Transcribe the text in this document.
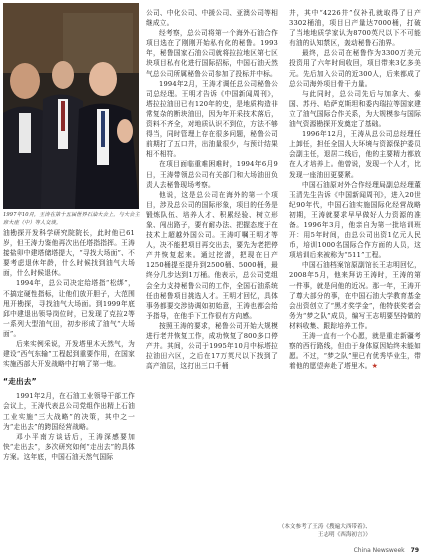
1997年10月，王涛在第十五届世界石油大会上，与大会主席大座（中）等人交谈。

油勘探开发科学研究院院长，此时他已61岁，但王涛力鉴他再次出任塔指指挥。王涛接盐卯中建塔储塔提大，“寻找大场面”、不要考虑退休年龄，什么时候找到油气大场面，什么时候退休。

1994年，总公司决定给塔指“松绑”，不搞定硬性指标，让他们放开胆子，大范围甩开勘探，寻找油气大场面。到1999年底邱中建退出领导岗位时，已发现了克拉2等一系列大型油气田，初步形成了油气“大场面”。

后来实例采说，开发塔里木天然气，为建设“西气东输”工程起到重要作用，在国家实施西部大开发战略中打响了第一炮。

“走出去”

1991年2月，在石油工业领导干部工作会议上，王涛代表总公司党组作出精上石油工业实施“三大战略”的决策，其中之一为“走出去”的跨国经营战略。

邓小平南方谈话后，王涛深感要加快“走出去”，多次研究如何“走出去”的具体方案。这年底，中国石油天然气国际

公司、中化公司、中援公司、亚澳公司等相继成立。

经考察，总公司将第一个海外石油合作项目选在了刚刚开始私有化的秘鲁。1993年，秘鲁国家石油公司就将拉拉地区第七区块项目私有化进行国际招标，中国石油天然气总公司所属秘鲁公司参加了投标并中标。

1994年2月，王涛才调任总公司秘鲁公司总经理。王明才告诉《中国新闻周刊》，塔拉拉油田已有120年的史，是地质构造非常复杂的断块油田，因为年开采技术落后，资料不齐全，对地质认识不到位，方法不够得当，同时管理上存在很多问题，秘鲁公司前期打了五口井，出油量很少，与预计结果相不相符。

在项目面临重难困难时，1994年6月9日，王涛带领总公司有关部门和大场油田负责人去秘鲁现场考察。

他说，这是总公司在海外的第一个项目，涉及总公司的国际形象，项目的任务是锻炼队伍、培养人才、积累经验、树立形象、闯出路子，要有耐办法、把握态度于在技术上超越外国公司。王涛叮嘱王明才等人，决不能把项目再交出去，要先为老把停产井恢复起来。通过挖潜，把现在日产1250桶提至提升到2500桶、5000桶，最终分几步达到1万桶。他表示，总公司党组会全力支持秘鲁公司的工作，全国石油系统任由秘鲁项目挑选人才。王明才回忆，具体事务都要交涉协调如初始意，王涛也都会给予指导，在他手下工作很有方向感。

按照王涛的要求，秘鲁公司开始大规模进行老井恢复工作，成功恢复了800多口停产井。其间，公司于1995年10月中标塔拉拉油田六区，之后在17万英尺以下找到了高产油层，这打出三口千桶

井，其中“4226井”仅补孔就取得了日产3302桶油，项目日产量达7000桶，打破了当地地质学家认为8700英尺以下不可能有油的认知禁区，轰动秘鲁石油界。

最终，总公司在秘鲁作为3300万美元投资用了六年时间收回，项目带来3亿多美元。先后加入公司的近300人，后来都成了总公司海外项目骨干力量。

与此同时，总公司先后与加拿大、泰国、苏丹、哈萨克斯坦和委内瑞拉等国家建立了油气国际合作关系，为大规模参与国际油气资源勘探开发奠定了基础。

1996年12月，王涛从总公司总经理任上卸任，担任全国人大环境与资源保护委员会副主任，退居二线后，他的主要精力都放在人才培养上。他曾说，发现一个人才，比发现一座油田更要紧。

中国石油原对外合作经理局副总经理董玉清先生告诉《中国新闻周刊》，进入20世纪90年代，中国石油实施国际化经营战略初期，王涛就要求早早做好人力资源的准备。1996年3月，他亲自为第一批培训班开：用5年时间，由总公司出资1亿元人民币，培训1000名国际合作方面的人员，这项培训后来被称为“511”工程。

中国石油档案馆原副馆长王志明回忆，2008年5月，他来拜访王涛时，王涛的第一件事，就是问他的近况。那一年，王涛开了尊大部分的事，在中国石油大学教育基金会出资创立了“黑才奖学金”，他特获奖者会务为“梦之队”成员，编写王志明要坚持做的材料收集、跟踪培养工作。

王涛一直有一个心愿，就是重走新疆考察的西行路线，但由于身体原因始终未能如愿。不过，“梦之队”里已有优秀毕业生，带着他的愿望奔赴了塔里木。★

（本文参考了王涛《搜遍大西带着》、
王志明《西海初言》）
China Newsweek 79
